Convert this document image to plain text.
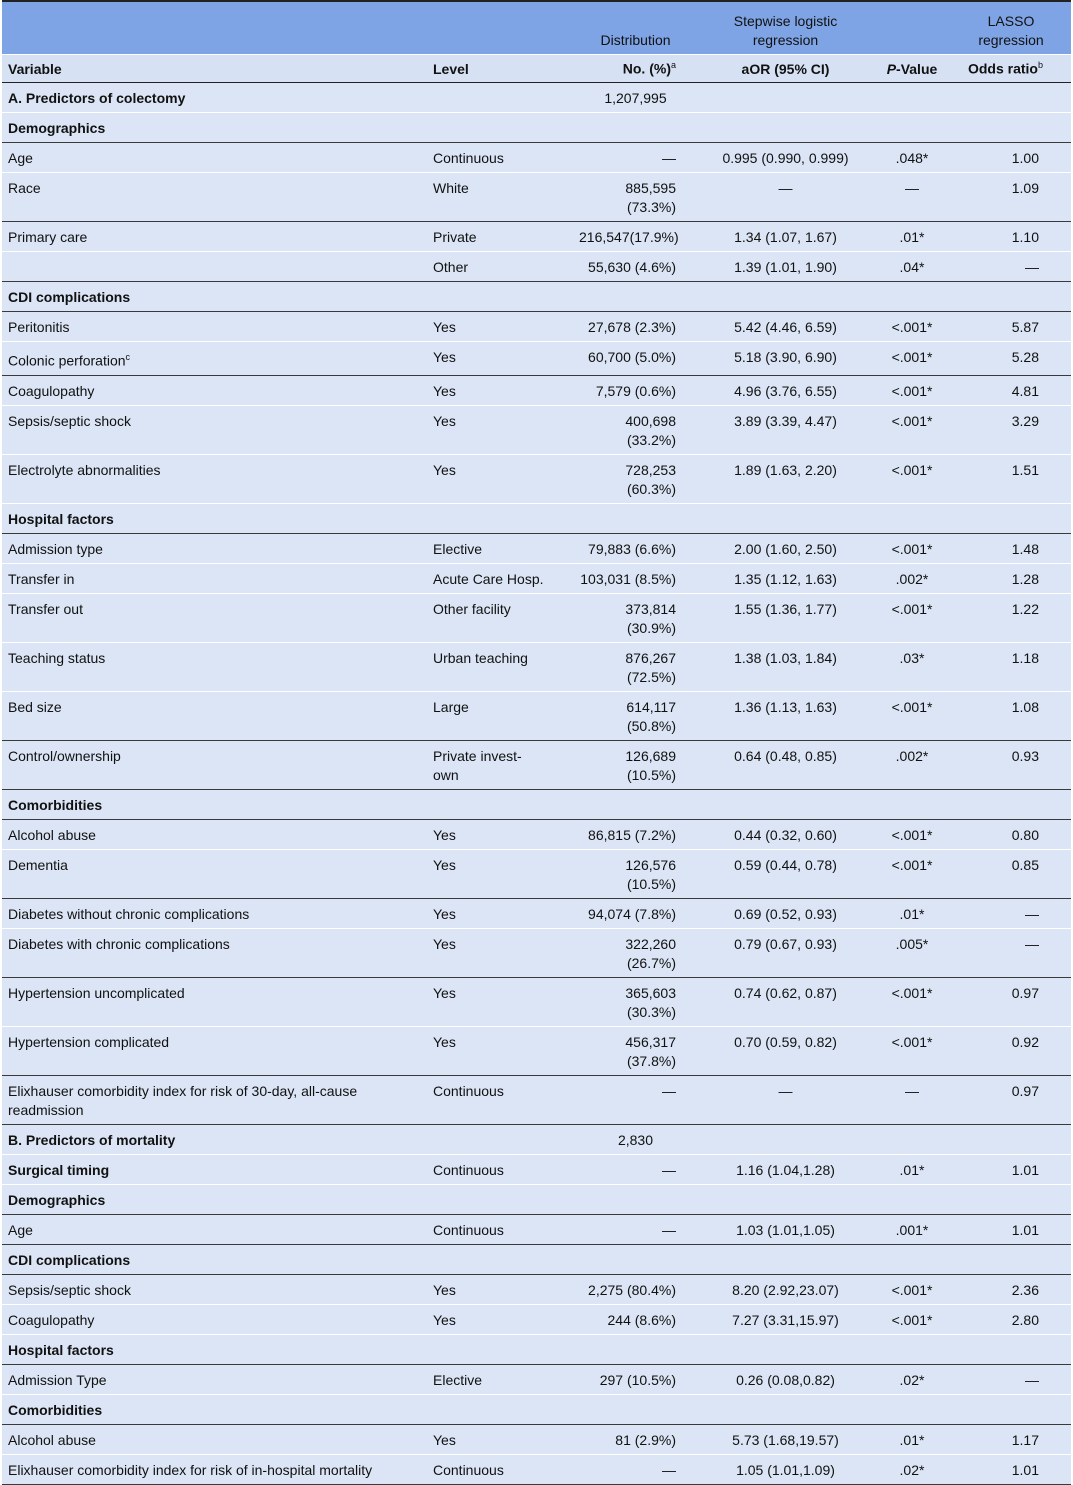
		Distribution	Stepwise logistic regression		LASSO regression
Variable	Level	No. (%)$^a$	aOR (95% CI)	P-Value	Odds ratio$^b$
A. Predictors of colectomy		1,207,995			
Demographics					
Age	Continuous	—	0.995 (0.990, 0.999)	.048*	1.00
Race	White	885,595 (73.3%)	—	—	1.09
Primary care	Private	216,547(17.9%)	1.34 (1.07, 1.67)	.01*	1.10
	Other	55,630 (4.6%)	1.39 (1.01, 1.90)	.04*	—
CDI complications					
Peritonitis	Yes	27,678 (2.3%)	5.42 (4.46, 6.59)	<.001*	5.87
Colonic perforation$^c$	Yes	60,700 (5.0%)	5.18 (3.90, 6.90)	<.001*	5.28
Coagulopathy	Yes	7,579 (0.6%)	4.96 (3.76, 6.55)	<.001*	4.81
Sepsis/septic shock	Yes	400,698 (33.2%)	3.89 (3.39, 4.47)	<.001*	3.29
Electrolyte abnormalities	Yes	728,253 (60.3%)	1.89 (1.63, 2.20)	<.001*	1.51
Hospital factors					
Admission type	Elective	79,883 (6.6%)	2.00 (1.60, 2.50)	<.001*	1.48
Transfer in	Acute Care Hosp.	103,031 (8.5%)	1.35 (1.12, 1.63)	.002*	1.28
Transfer out	Other facility	373,814 (30.9%)	1.55 (1.36, 1.77)	<.001*	1.22
Teaching status	Urban teaching	876,267 (72.5%)	1.38 (1.03, 1.84)	.03*	1.18
Bed size	Large	614,117 (50.8%)	1.36 (1.13, 1.63)	<.001*	1.08
Control/ownership	Private invest-own	126,689 (10.5%)	0.64 (0.48, 0.85)	.002*	0.93
Comorbidities					
Alcohol abuse	Yes	86,815 (7.2%)	0.44 (0.32, 0.60)	<.001*	0.80
Dementia	Yes	126,576 (10.5%)	0.59 (0.44, 0.78)	<.001*	0.85
Diabetes without chronic complications	Yes	94,074 (7.8%)	0.69 (0.52, 0.93)	.01*	—
Diabetes with chronic complications	Yes	322,260 (26.7%)	0.79 (0.67, 0.93)	.005*	—
Hypertension uncomplicated	Yes	365,603 (30.3%)	0.74 (0.62, 0.87)	<.001*	0.97
Hypertension complicated	Yes	456,317 (37.8%)	0.70 (0.59, 0.82)	<.001*	0.92
Elixhauser comorbidity index for risk of 30-day, all-cause readmission	Continuous	—	—	—	0.97
B. Predictors of mortality		2,830			
Surgical timing	Continuous	—	1.16 (1.04,1.28)	.01*	1.01
Demographics					
Age	Continuous	—	1.03 (1.01,1.05)	.001*	1.01
CDI complications					
Sepsis/septic shock	Yes	2,275 (80.4%)	8.20 (2.92,23.07)	<.001*	2.36
Coagulopathy	Yes	244 (8.6%)	7.27 (3.31,15.97)	<.001*	2.80
Hospital factors					
Admission Type	Elective	297 (10.5%)	0.26 (0.08,0.82)	.02*	—
Comorbidities					
Alcohol abuse	Yes	81 (2.9%)	5.73 (1.68,19.57)	.01*	1.17
Elixhauser comorbidity index for risk of in-hospital mortality	Continuous	—	1.05 (1.01,1.09)	.02*	1.01
